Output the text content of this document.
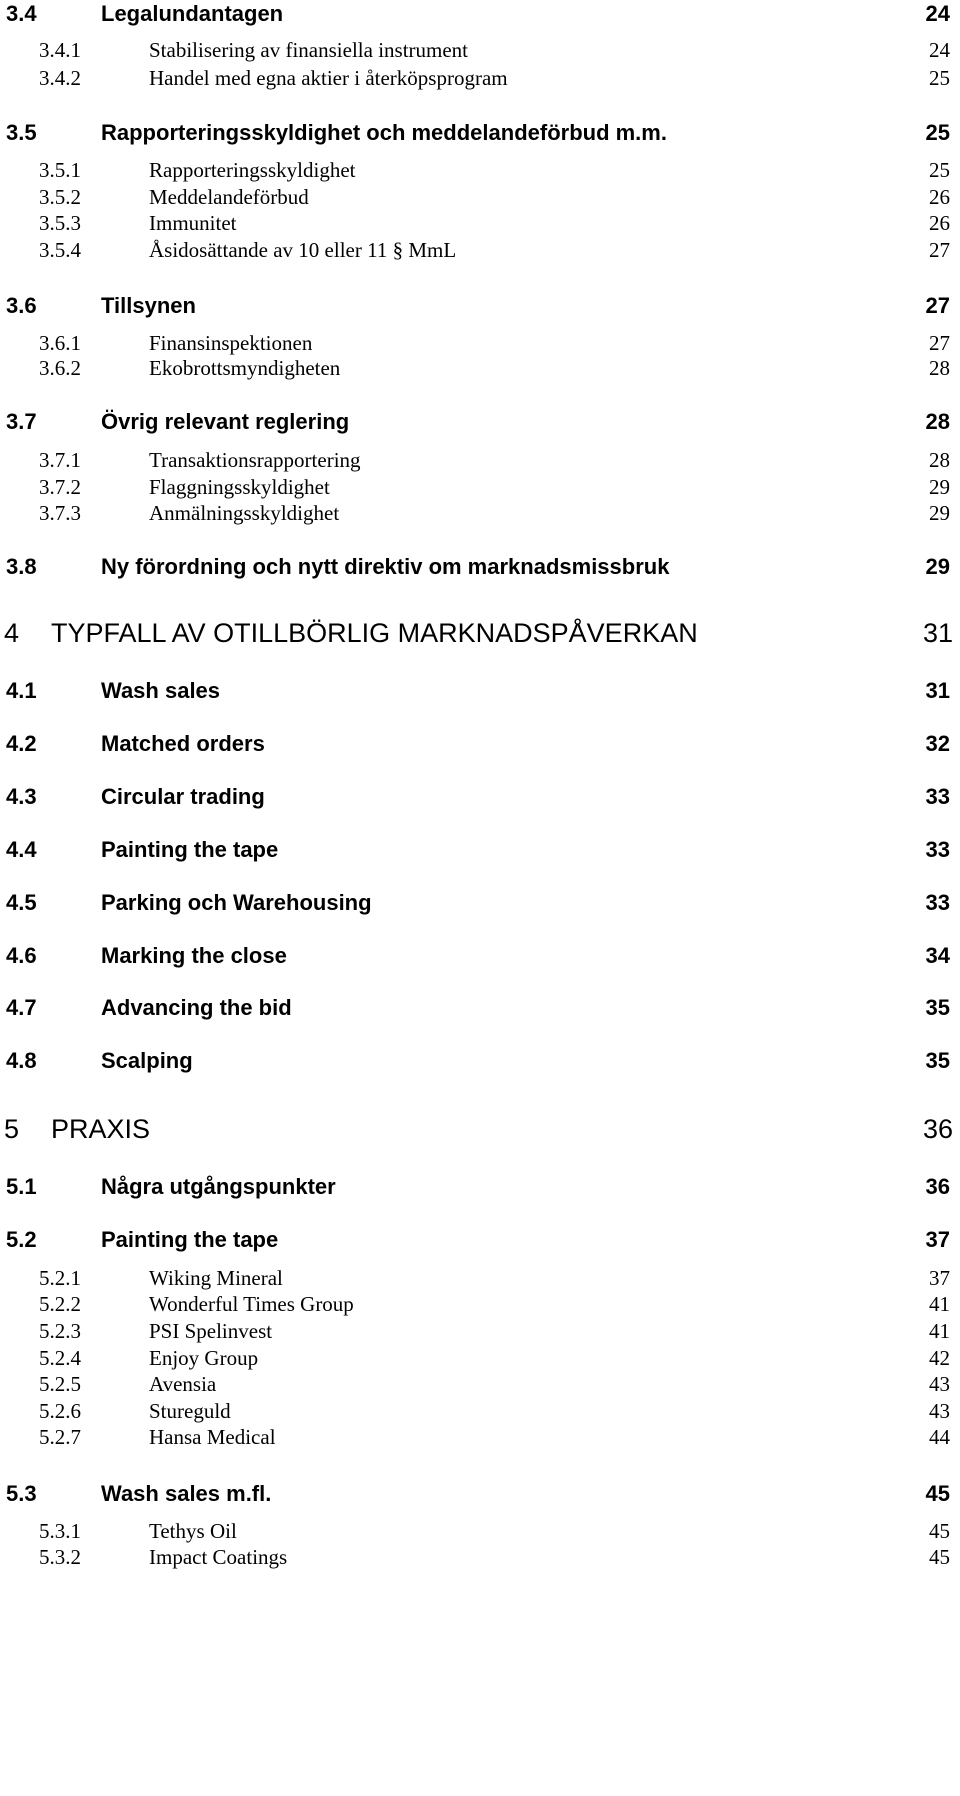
3.4	Legalundantagen	24
3.4.1	Stabilisering av finansiella instrument	24
3.4.2	Handel med egna aktier i återköpsprogram	25
3.5	Rapporteringsskyldighet och meddelandeförbud m.m.	25
3.5.1	Rapporteringsskyldighet	25
3.5.2	Meddelandeförbud	26
3.5.3	Immunitet	26
3.5.4	Åsidosättande av 10 eller 11 § MmL	27
3.6	Tillsynen	27
3.6.1	Finansinspektionen	27
3.6.2	Ekobrottsmyndigheten	28
3.7	Övrig relevant reglering	28
3.7.1	Transaktionsrapportering	28
3.7.2	Flaggningsskyldighet	29
3.7.3	Anmälningsskyldighet	29
3.8	Ny förordning och nytt direktiv om marknadsmissbruk	29
4 TYPFALL AV OTILLBÖRLIG MARKNADSPÅVERKAN	31
4.1	Wash sales	31
4.2	Matched orders	32
4.3	Circular trading	33
4.4	Painting the tape	33
4.5	Parking och Warehousing	33
4.6	Marking the close	34
4.7	Advancing the bid	35
4.8	Scalping	35
5 PRAXIS	36
5.1	Några utgångspunkter	36
5.2	Painting the tape	37
5.2.1	Wiking Mineral	37
5.2.2	Wonderful Times Group	41
5.2.3	PSI Spelinvest	41
5.2.4	Enjoy Group	42
5.2.5	Avensia	43
5.2.6	Stureguld	43
5.2.7	Hansa Medical	44
5.3	Wash sales m.fl.	45
5.3.1	Tethys Oil	45
5.3.2	Impact Coatings	45
